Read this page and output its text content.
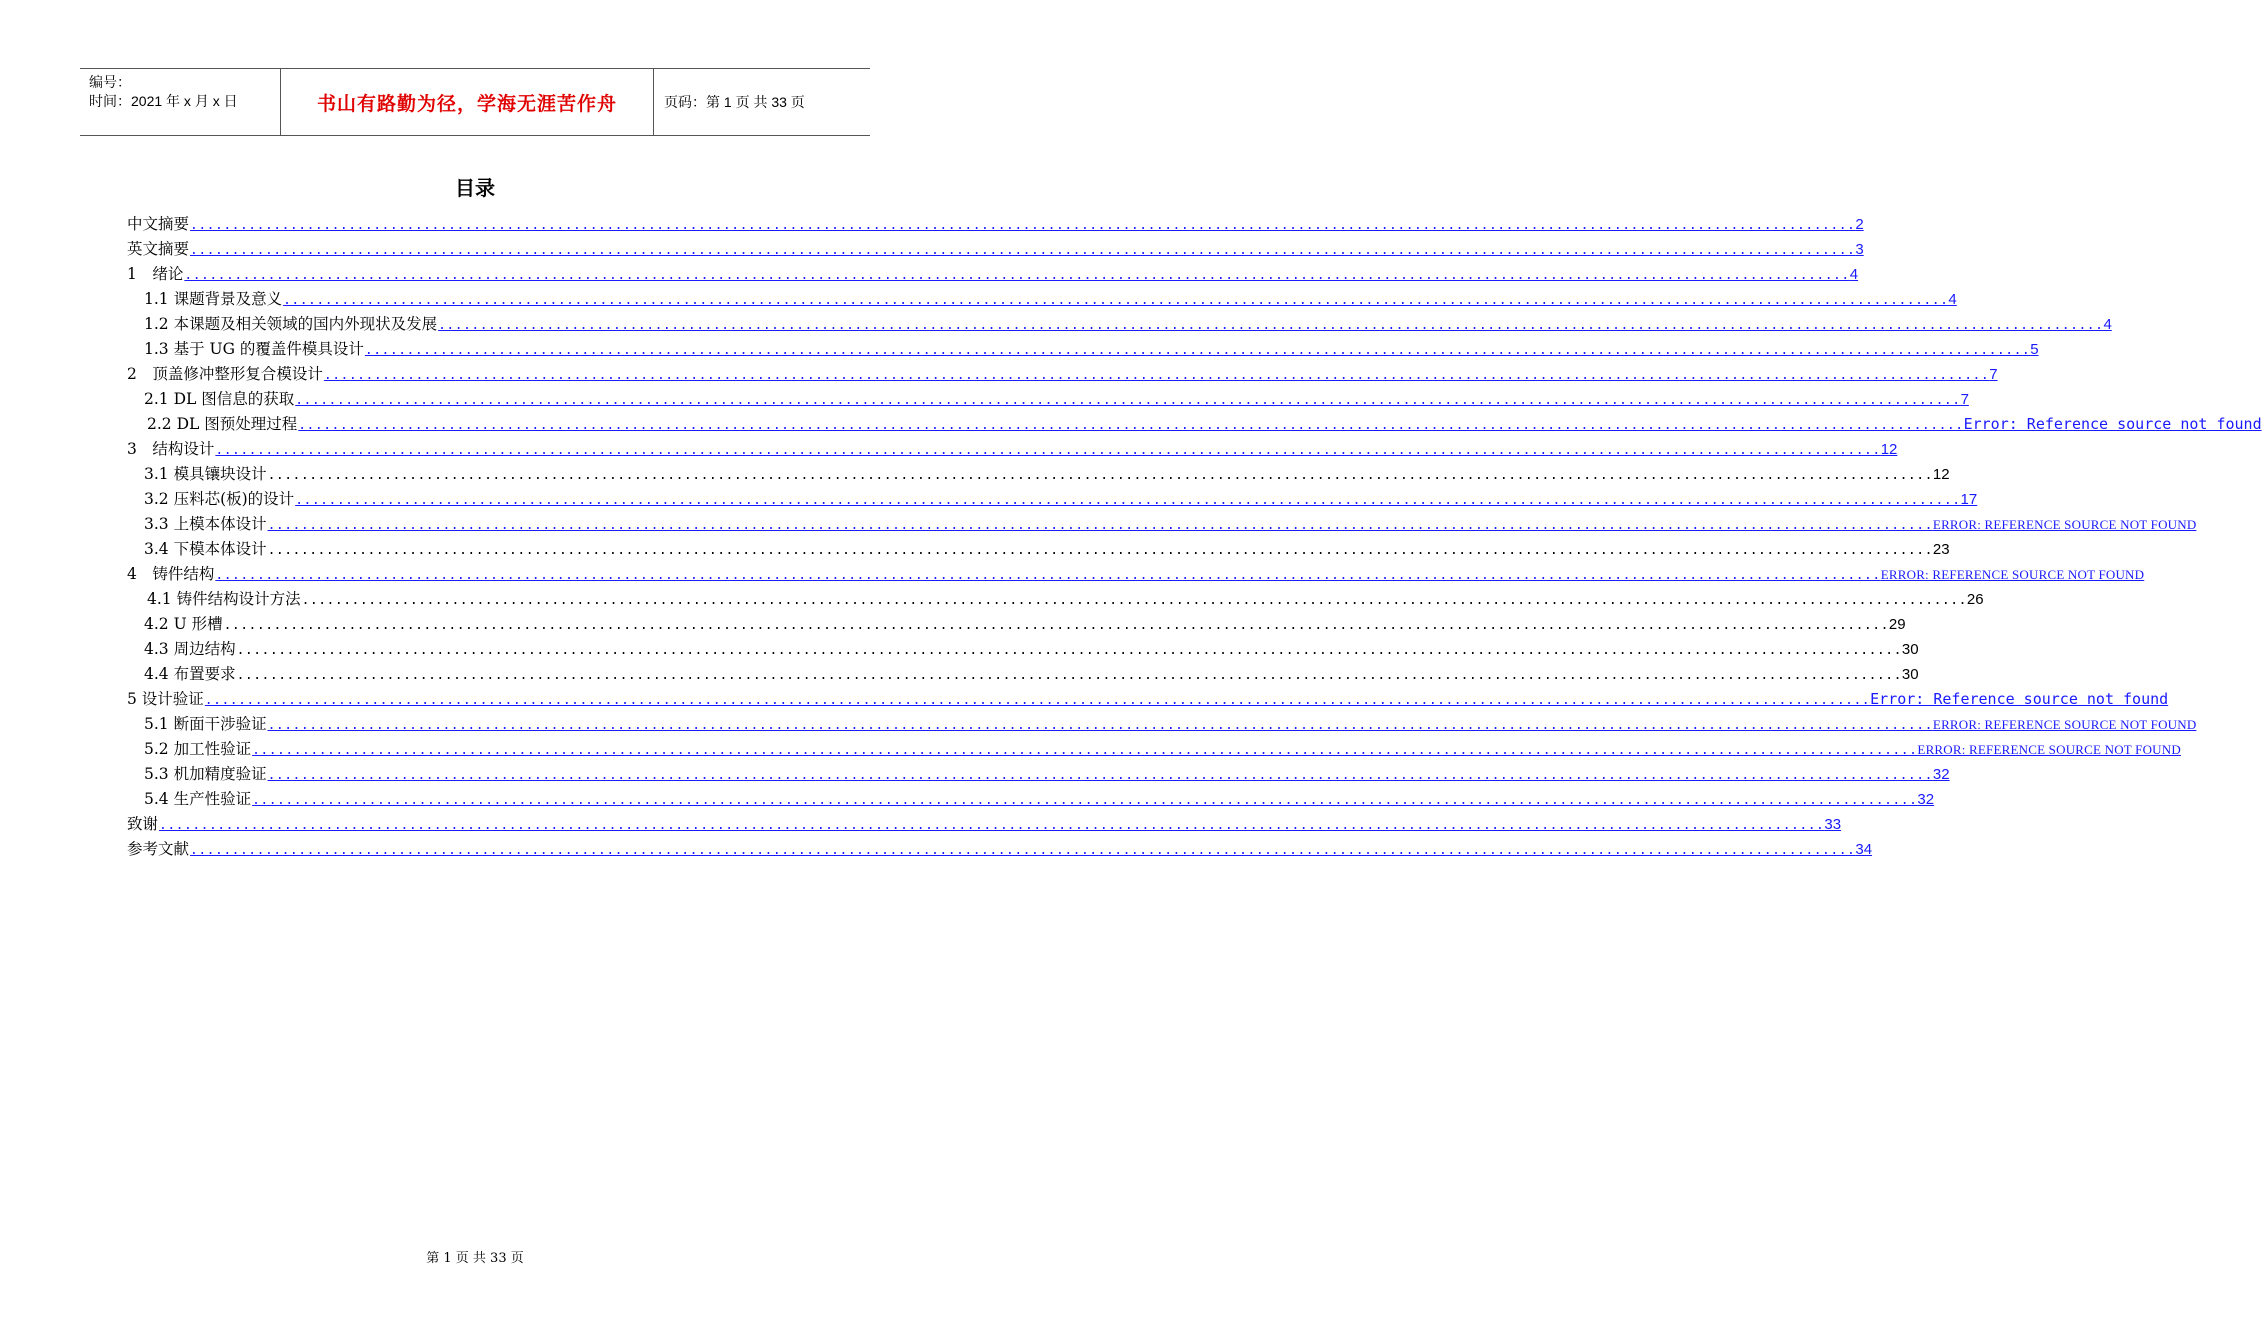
编号：
时间：2021 年 x 月 x 日	书山有路勤为径，学海无涯苦作舟	页码：第 1 页 共 33 页
目录
中文摘要 ........................................................................................................................................................................................................ 2
英文摘要 ........................................................................................................................................................................................................ 3
1　绪论 ........................................................................................................................................................................................................ 4
1.1 课题背景及意义 ........................................................................................................................................................................................................ 4
1.2 本课题及相关领域的国内外现状及发展 ........................................................................................................................................................................................................ 4
1.3 基于 UG 的覆盖件模具设计 ........................................................................................................................................................................................................ 5
2　顶盖修冲整形复合模设计 ........................................................................................................................................................................................................ 7
2.1 DL 图信息的获取 ........................................................................................................................................................................................................ 7
2.2 DL 图预处理过程 ........................................................................................................................................................................................................ Error: Reference source not found
3　结构设计 ........................................................................................................................................................................................................ 12
3.1 模具镶块设计 ........................................................................................................................................................................................................ 12
3.2 压料芯(板)的设计 ........................................................................................................................................................................................................ 17
3.3 上模本体设计 ........................................................................................................................................................................................................ ERROR: REFERENCE SOURCE NOT FOUND
3.4 下模本体设计 ........................................................................................................................................................................................................ 23
4　铸件结构 ........................................................................................................................................................................................................ ERROR: REFERENCE SOURCE NOT FOUND
4.1 铸件结构设计方法 ........................................................................................................................................................................................................ 26
4.2 U 形槽 ........................................................................................................................................................................................................ 29
4.3 周边结构 ........................................................................................................................................................................................................ 30
4.4 布置要求 ........................................................................................................................................................................................................ 30
5 设计验证 ........................................................................................................................................................................................................ Error: Reference source not found
5.1 断面干涉验证 ........................................................................................................................................................................................................ ERROR: REFERENCE SOURCE NOT FOUND
5.2 加工性验证 ........................................................................................................................................................................................................ ERROR: REFERENCE SOURCE NOT FOUND
5.3 机加精度验证 ........................................................................................................................................................................................................ 32
5.4 生产性验证 ........................................................................................................................................................................................................ 32
致谢 ........................................................................................................................................................................................................ 33
参考文献 ........................................................................................................................................................................................................ 34
第 1 页 共 33 页
